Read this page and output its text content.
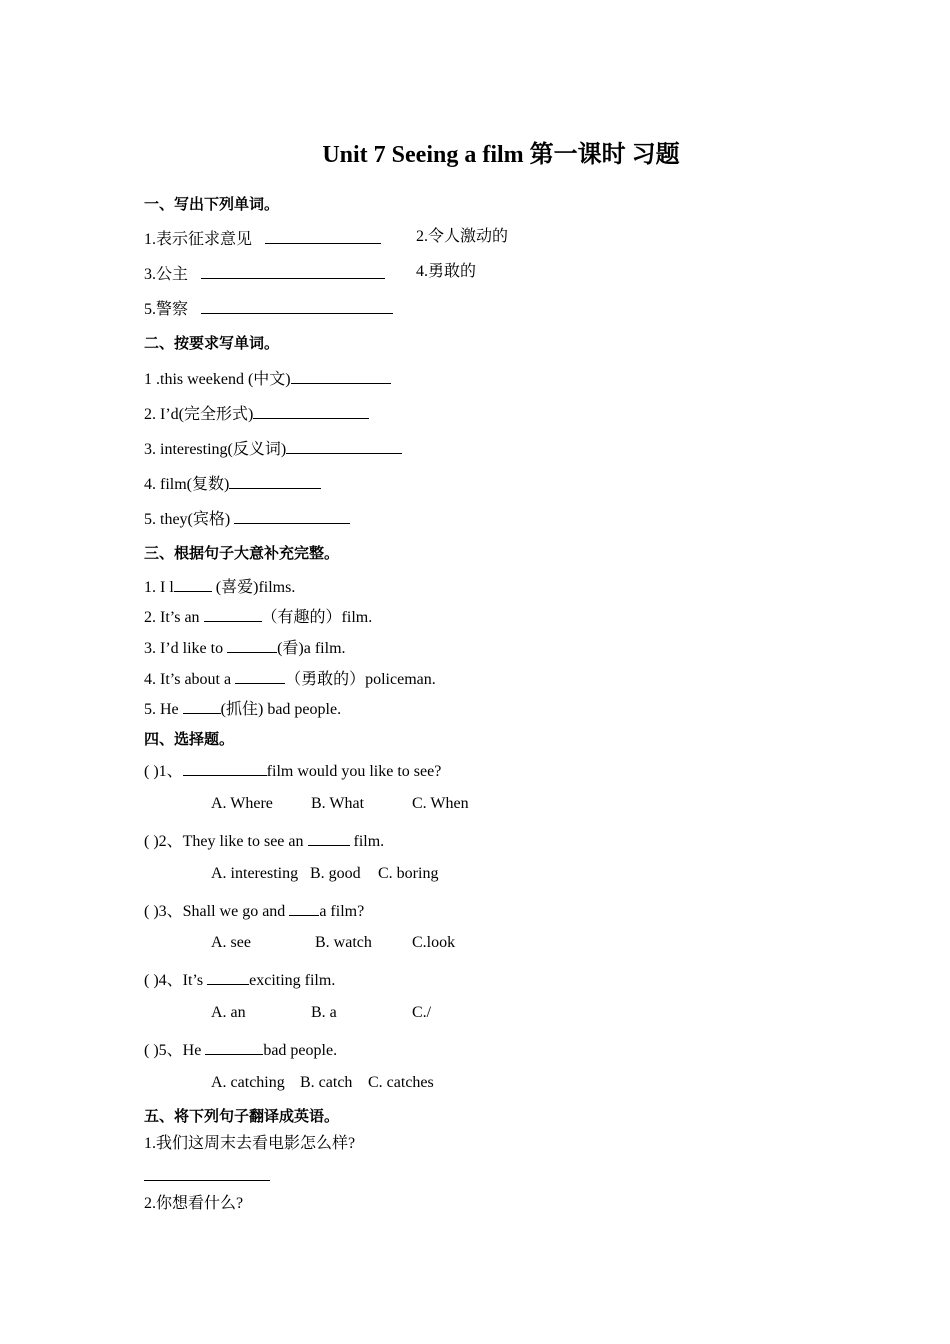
Unit 7 Seeing a film 第一课时 习题
一、写出下列单词。
1.表示征求意见	2.令人激动的
3.公主	4.勇敢的
5.警察
二、按要求写单词。
1 .this weekend (中文)
2. I’d(完全形式)
3. interesting(反义词)
4. film(复数)
5. they(宾格)
三、根据句子大意补充完整。
1. I l (喜爱)films.
2. It’s an	（有趣的）film.
3. I’d like to	(看)a film.
4. It’s about a	（勇敢的）policeman.
5. He (抓住) bad people.
四、选择题。
( )1、	film would you like to see?
A. Where B. What	C. When
( )2、They like to see an	film.
A. interesting B. good C. boring
( )3、Shall we go and a film?
A. see	B. watch	C.look
( )4、It’s	exciting film.
A. an	B. a	C./
( )5、He	bad people.
A. catching B. catch C. catches
五、将下列句子翻译成英语。
1.我们这周末去看电影怎么样?
2.你想看什么?
